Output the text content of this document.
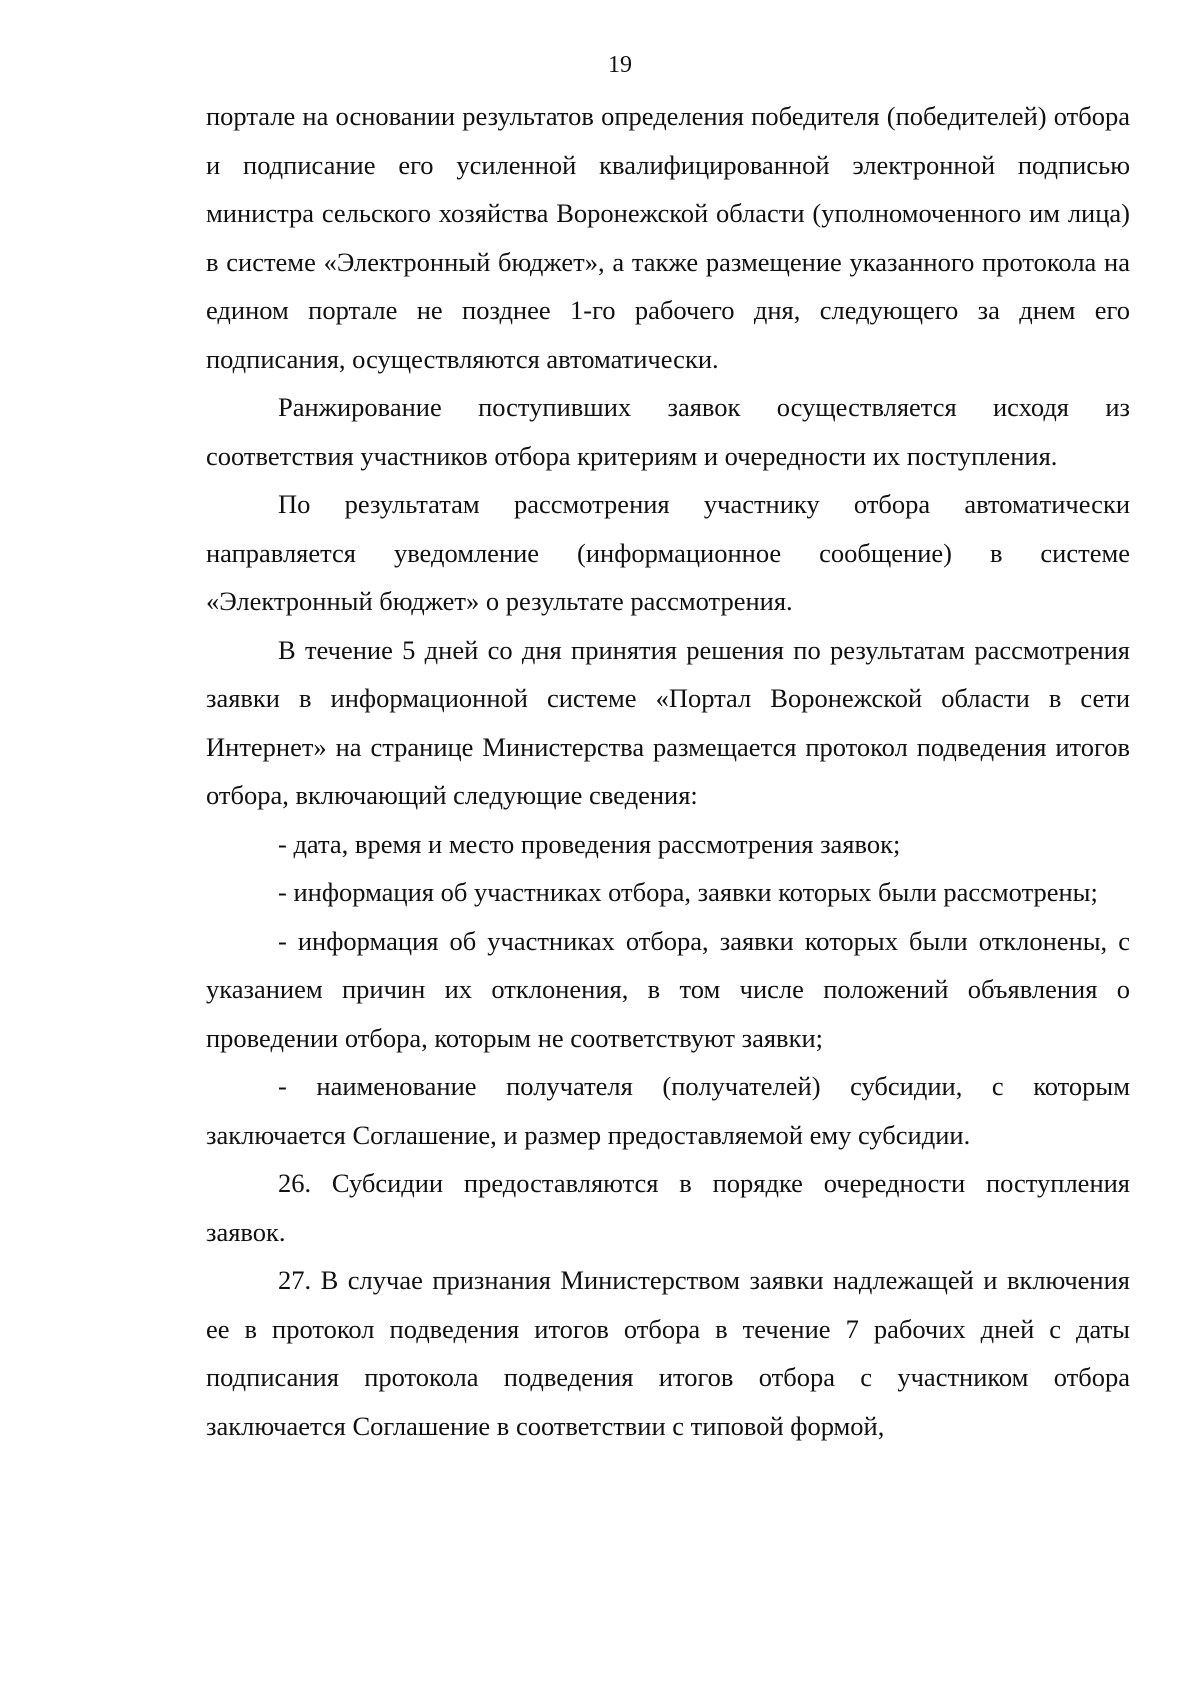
19

портале на основании результатов определения победителя (победителей) отбора и подписание его усиленной квалифицированной электронной подписью министра сельского хозяйства Воронежской области (уполномоченного им лица) в системе «Электронный бюджет», а также размещение указанного протокола на едином портале не позднее 1-го рабочего дня, следующего за днем его подписания, осуществляются автоматически.

Ранжирование поступивших заявок осуществляется исходя из соответствия участников отбора критериям и очередности их поступления.

По результатам рассмотрения участнику отбора автоматически направляется уведомление (информационное сообщение) в системе «Электронный бюджет» о результате рассмотрения.

В течение 5 дней со дня принятия решения по результатам рассмотрения заявки в информационной системе «Портал Воронежской области в сети Интернет» на странице Министерства размещается протокол подведения итогов отбора, включающий следующие сведения:

- дата, время и место проведения рассмотрения заявок;

- информация об участниках отбора, заявки которых были рассмотрены;

- информация об участниках отбора, заявки которых были отклонены, с указанием причин их отклонения, в том числе положений объявления о проведении отбора, которым не соответствуют заявки;

- наименование получателя (получателей) субсидии, с которым заключается Соглашение, и размер предоставляемой ему субсидии.

26. Субсидии предоставляются в порядке очередности поступления заявок.

27. В случае признания Министерством заявки надлежащей и включения ее в протокол подведения итогов отбора в течение 7 рабочих дней с даты подписания протокола подведения итогов отбора с участником отбора заключается Соглашение в соответствии с типовой формой,
